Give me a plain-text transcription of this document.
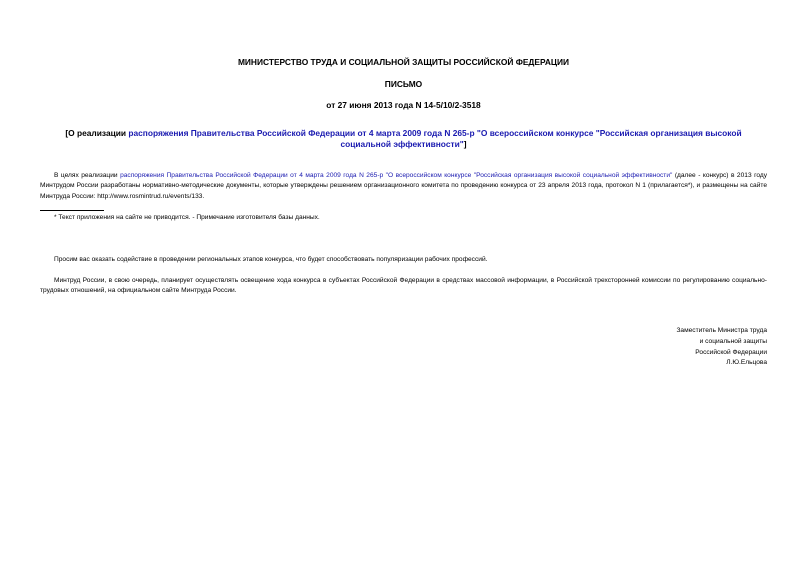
МИНИСТЕРСТВО ТРУДА И СОЦИАЛЬНОЙ ЗАЩИТЫ РОССИЙСКОЙ ФЕДЕРАЦИИ
ПИСЬМО
от 27 июня 2013 года N 14-5/10/2-3518
[О реализации распоряжения Правительства Российской Федерации от 4 марта 2009 года N 265-р "О всероссийском конкурсе "Российская организация высокой социальной эффективности"]
В целях реализации распоряжения Правительства Российской Федерации от 4 марта 2009 года N 265-р "О всероссийском конкурсе "Российская организация высокой социальной эффективности" (далее - конкурс) в 2013 году Минтрудом России разработаны нормативно-методические документы, которые утверждены решением организационного комитета по проведению конкурса от 23 апреля 2013 года, протокол N 1 (прилагается*), и размещены на сайте Минтруда России: http://www.rosmintrud.ru/events/133.
* Текст приложения на сайте не приводится. - Примечание изготовителя базы данных.
Просим вас оказать содействие в проведении региональных этапов конкурса, что будет способствовать популяризации рабочих профессий.
Минтруд России, в свою очередь, планирует осуществлять освещение хода конкурса в субъектах Российской Федерации в средствах массовой информации, в Российской трехсторонней комиссии по регулированию социально-трудовых отношений, на официальном сайте Минтруда России.
Заместитель Министра труда
и социальной защиты
Российской Федерации
Л.Ю.Ельцова
